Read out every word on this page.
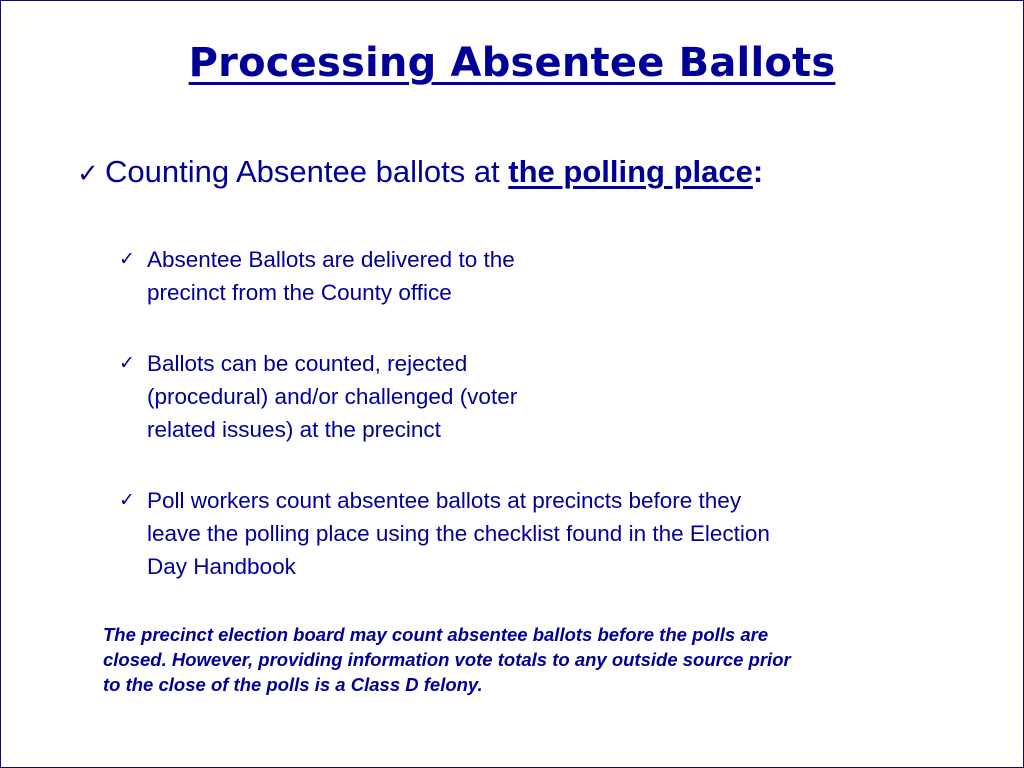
Processing Absentee Ballots
✓ Counting Absentee ballots at the polling place:
✓ Absentee Ballots are delivered to the
precinct from the County office
✓ Ballots can be counted, rejected
(procedural) and/or challenged (voter
related issues) at the precinct
✓ Poll workers count absentee ballots at precincts before they
leave the polling place using the checklist found in the Election
Day Handbook
The precinct election board may count absentee ballots before the polls are
closed. However, providing information vote totals to any outside source prior
to the close of the polls is a Class D felony.
